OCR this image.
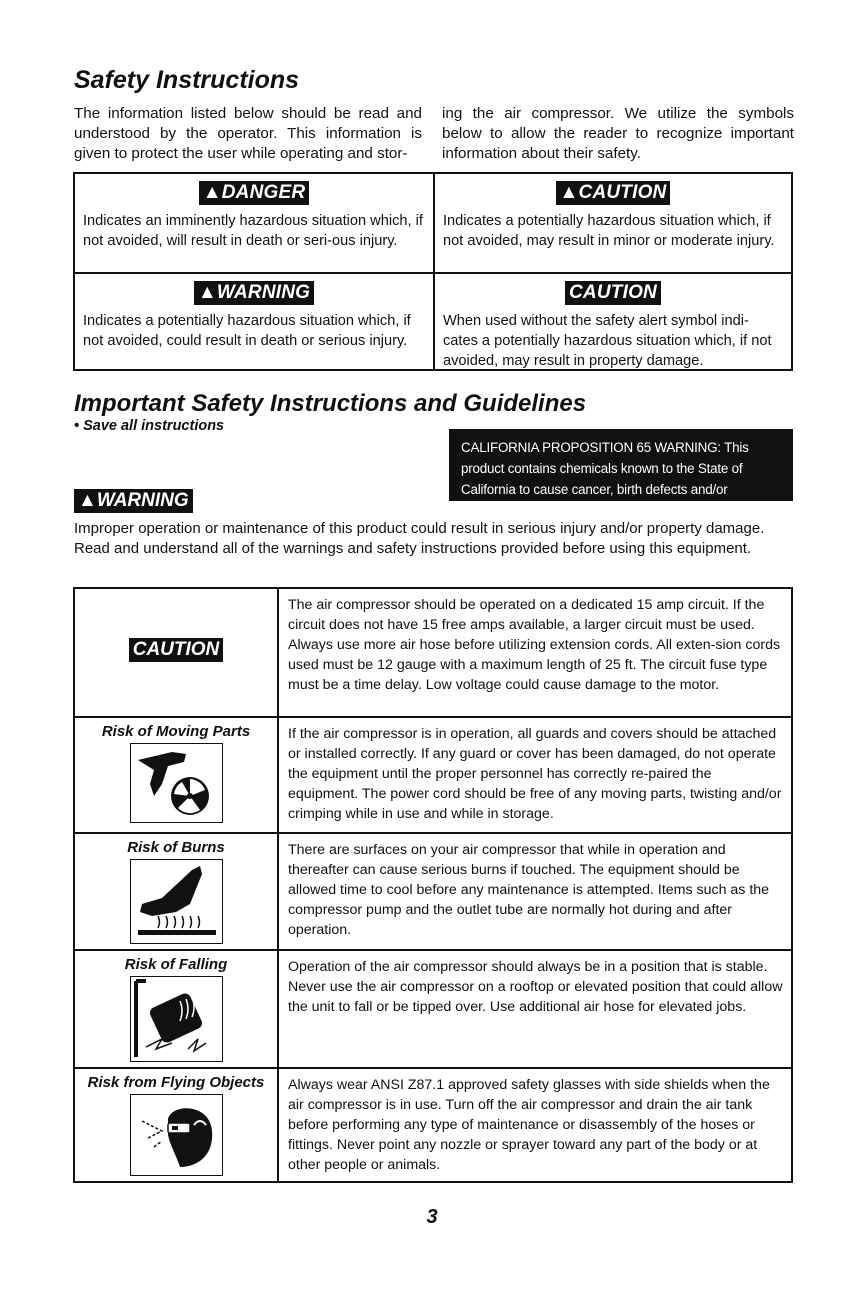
Safety Instructions

The information listed below should be read and understood by the operator. This information is given to protect the user while operating and stor-

ing the air compressor. We utilize the symbols below to allow the reader to recognize important information about their safety.

▲DANGER
Indicates an imminently hazardous situation which, if not avoided, will result in death or seri-ous injury.
▲CAUTION
Indicates a potentially hazardous situation which, if not avoided, may result in minor or moderate injury.
▲WARNING
Indicates a potentially hazardous situation which, if not avoided, could result in death or serious injury.
CAUTION
When used without the safety alert symbol indi-cates a potentially hazardous situation which, if not avoided, may result in property damage.
Important Safety Instructions and Guidelines
• Save all instructions
CALIFORNIA PROPOSITION 65 WARNING: This product contains chemicals known to the State of California to cause cancer, birth defects and/or reproductive harm.
▲WARNING

Improper operation or maintenance of this product could result in serious injury and/or property damage. Read and understand all of the warnings and safety instructions provided before using this equipment.

CAUTION
The air compressor should be operated on a dedicated 15 amp circuit. If the circuit does not have 15 free amps available, a larger circuit must be used. Always use more air hose before utilizing extension cords. All exten-sion cords used must be 12 gauge with a maximum length of 25 ft. The circuit fuse type must be a time delay. Low voltage could cause damage to the motor.
Risk of Moving Parts	If the air compressor is in operation, all guards and covers should be attached or installed correctly. If any guard or cover has been damaged, do not operate the equipment until the proper personnel has correctly re-paired the equipment. The power cord should be free of any moving parts, twisting and/or crimping while in use and while in storage.
Risk of Burns	There are surfaces on your air compressor that while in operation and thereafter can cause serious burns if touched. The equipment should be allowed time to cool before any maintenance is attempted. Items such as the compressor pump and the outlet tube are normally hot during and after operation.
Risk of Falling	Operation of the air compressor should always be in a position that is stable. Never use the air compressor on a rooftop or elevated position that could allow the unit to fall or be tipped over. Use additional air hose for elevated jobs.
Risk from Flying Objects	Always wear ANSI Z87.1 approved safety glasses with side shields when the air compressor is in use. Turn off the air compressor and drain the air tank before performing any type of maintenance or disassembly of the hoses or fittings. Never point any nozzle or sprayer toward any part of the body or at other people or animals.
3
